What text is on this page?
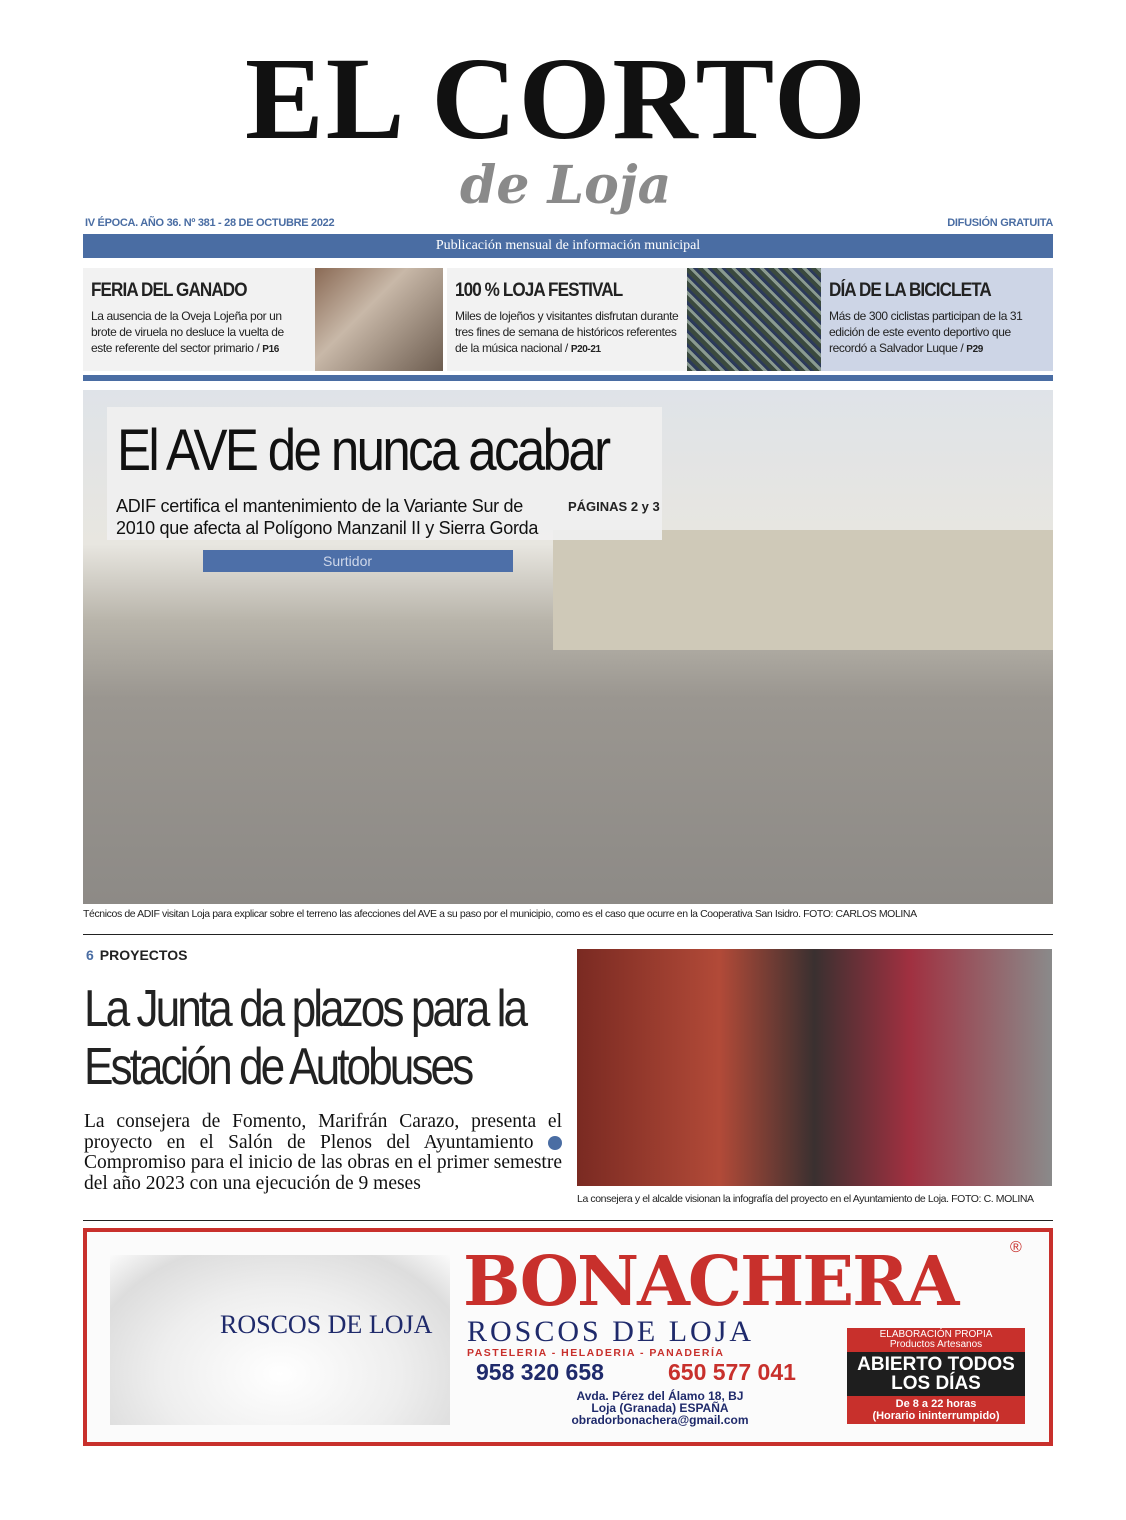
EL CORTO
de Loja
IV ÉPOCA. AÑO 36. Nº 381 - 28 DE OCTUBRE 2022	DIFUSIÓN GRATUITA
Publicación mensual de información municipal
FERIA DEL GANADO

La ausencia de la Oveja Lojeña por un brote de viruela no desluce la vuelta de este referente del sector primario / P16

100 % LOJA FESTIVAL

Miles de lojeños y visitantes disfrutan durante tres fines de semana de históricos referentes de la música nacional / P20-21

DÍA DE LA BICICLETA

Más de 300 ciclistas participan de la 31 edición de este evento deportivo que recordó a Salvador Luque / P29

Surtidor
El AVE de nunca acabar
ADIF certifica el mantenimiento de la Variante Sur de 2010 que afecta al Polígono Manzanil II y Sierra Gorda
PÁGINAS 2 y 3
Técnicos de ADIF visitan Loja para explicar sobre el terreno las afecciones del AVE a su paso por el municipio, como es el caso que ocurre en la Cooperativa San Isidro. FOTO: CARLOS MOLINA
6 PROYECTOS
La Junta da plazos para la Estación de Autobuses
La consejera de Fomento, Marifrán Carazo, presenta el proyecto en el Salón de Plenos del Ayuntamiento  Compromiso para el inicio de las obras en el primer semestre del año 2023 con una ejecución de 9 meses
La consejera y el alcalde visionan la infografía del proyecto en el Ayuntamiento de Loja. FOTO: C. MOLINA
ROSCOS DE LOJA
BONACHERA	®
ROSCOS DE LOJA
PASTELERIA - HELADERIA - PANADERÍA
958 320 658	650 577 041
Avda. Pérez del Álamo 18, BJ
Loja (Granada) ESPAÑA
obradorbonachera@gmail.com
ELABORACIÓN PROPIA
Productos Artesanos
ABIERTO TODOS
LOS DÍAS
De 8 a 22 horas
(Horario ininterrumpido)
